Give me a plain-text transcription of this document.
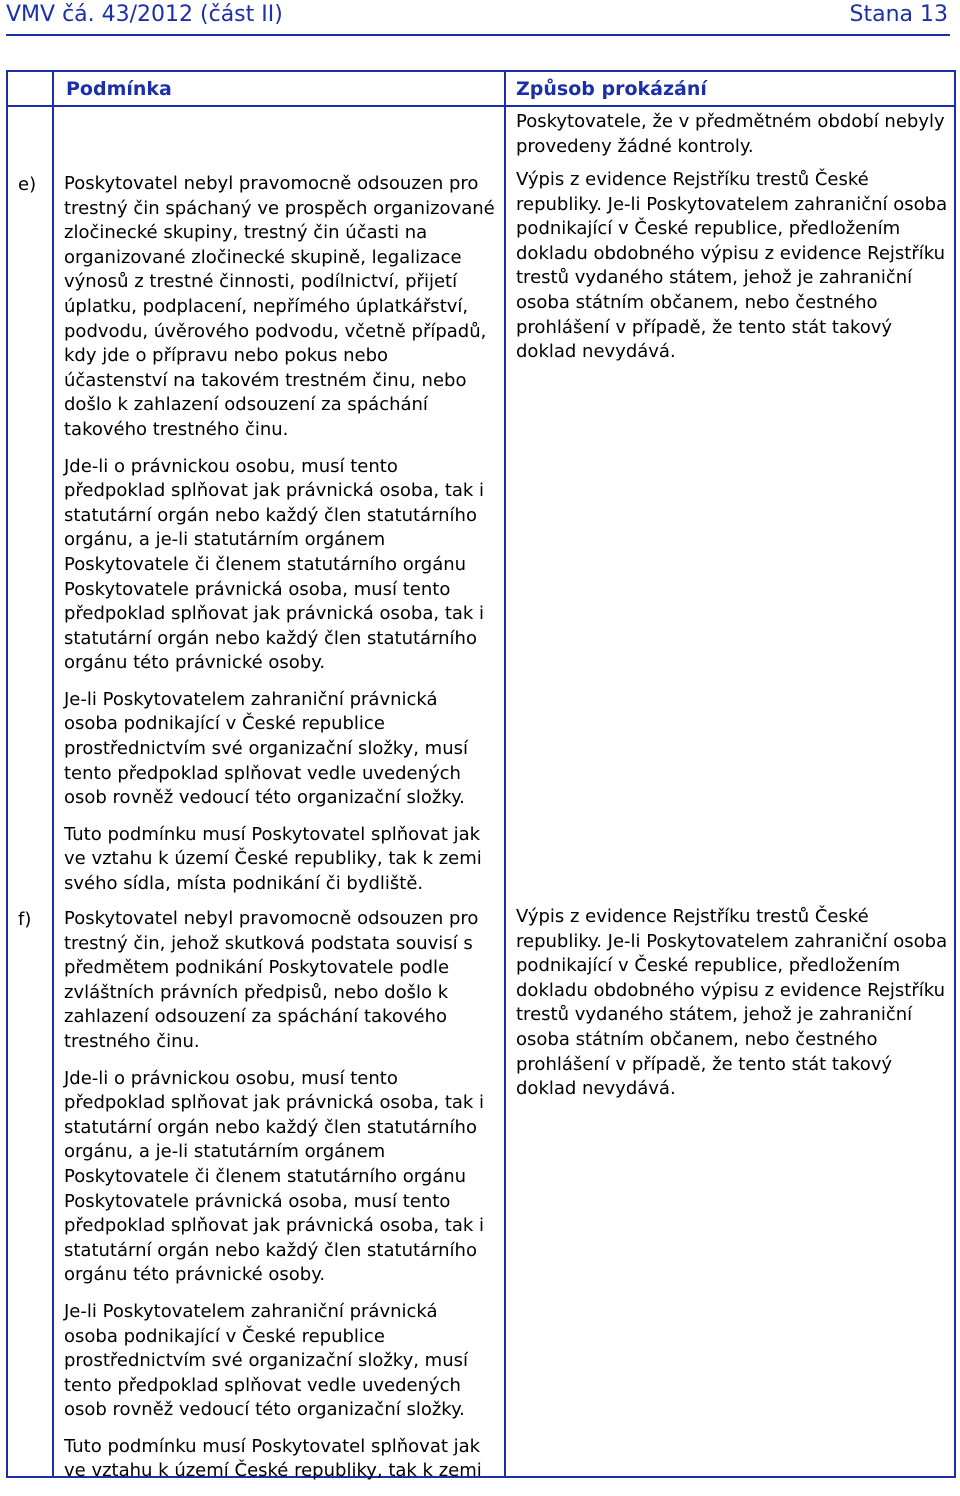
VMV čá. 43/2012 (část II)	Stana 13
Podmínka	Způsob prokázání

Poskytovatele, že v předmětném období nebyly provedeny žádné kontroly.

e) Poskytovatel nebyl pravomocně odsouzen pro trestný čin spáchaný ve prospěch organizované zločinecké skupiny, trestný čin účasti na organizované zločinecké skupině, legalizace výnosů z trestné činnosti, podílnictví, přijetí úplatku, podplacení, nepřímého úplatkářství, podvodu, úvěrového podvodu, včetně případů, kdy jde o přípravu nebo pokus nebo účastenství na takovém trestném činu, nebo došlo k zahlazení odsouzení za spáchání takového trestného činu.

Jde-li o právnickou osobu, musí tento předpoklad splňovat jak právnická osoba, tak i statutární orgán nebo každý člen statutárního orgánu, a je-li statutárním orgánem Poskytovatele či členem statutárního orgánu Poskytovatele právnická osoba, musí tento předpoklad splňovat jak právnická osoba, tak i statutární orgán nebo každý člen statutárního orgánu této právnické osoby.

Je-li Poskytovatelem zahraniční právnická osoba podnikající v České republice prostřednictvím své organizační složky, musí tento předpoklad splňovat vedle uvedených osob rovněž vedoucí této organizační složky.

Tuto podmínku musí Poskytovatel splňovat jak ve vztahu k území České republiky, tak k zemi svého sídla, místa podnikání či bydliště.

Výpis z evidence Rejstříku trestů České republiky. Je-li Poskytovatelem zahraniční osoba podnikající v České republice, předložením dokladu obdobného výpisu z evidence Rejstříku trestů vydaného státem, jehož je zahraniční osoba státním občanem, nebo čestného prohlášení v případě, že tento stát takový doklad nevydává.

f) Poskytovatel nebyl pravomocně odsouzen pro trestný čin, jehož skutková podstata souvisí s předmětem podnikání Poskytovatele podle zvláštních právních předpisů, nebo došlo k zahlazení odsouzení za spáchání takového trestného činu.

Jde-li o právnickou osobu, musí tento předpoklad splňovat jak právnická osoba, tak i statutární orgán nebo každý člen statutárního orgánu, a je-li statutárním orgánem Poskytovatele či členem statutárního orgánu Poskytovatele právnická osoba, musí tento předpoklad splňovat jak právnická osoba, tak i statutární orgán nebo každý člen statutárního orgánu této právnické osoby.

Je-li Poskytovatelem zahraniční právnická osoba podnikající v České republice prostřednictvím své organizační složky, musí tento předpoklad splňovat vedle uvedených osob rovněž vedoucí této organizační složky.

Tuto podmínku musí Poskytovatel splňovat jak ve vztahu k území České republiky, tak k zemi

Výpis z evidence Rejstříku trestů České republiky. Je-li Poskytovatelem zahraniční osoba podnikající v České republice, předložením dokladu obdobného výpisu z evidence Rejstříku trestů vydaného státem, jehož je zahraniční osoba státním občanem, nebo čestného prohlášení v případě, že tento stát takový doklad nevydává.
